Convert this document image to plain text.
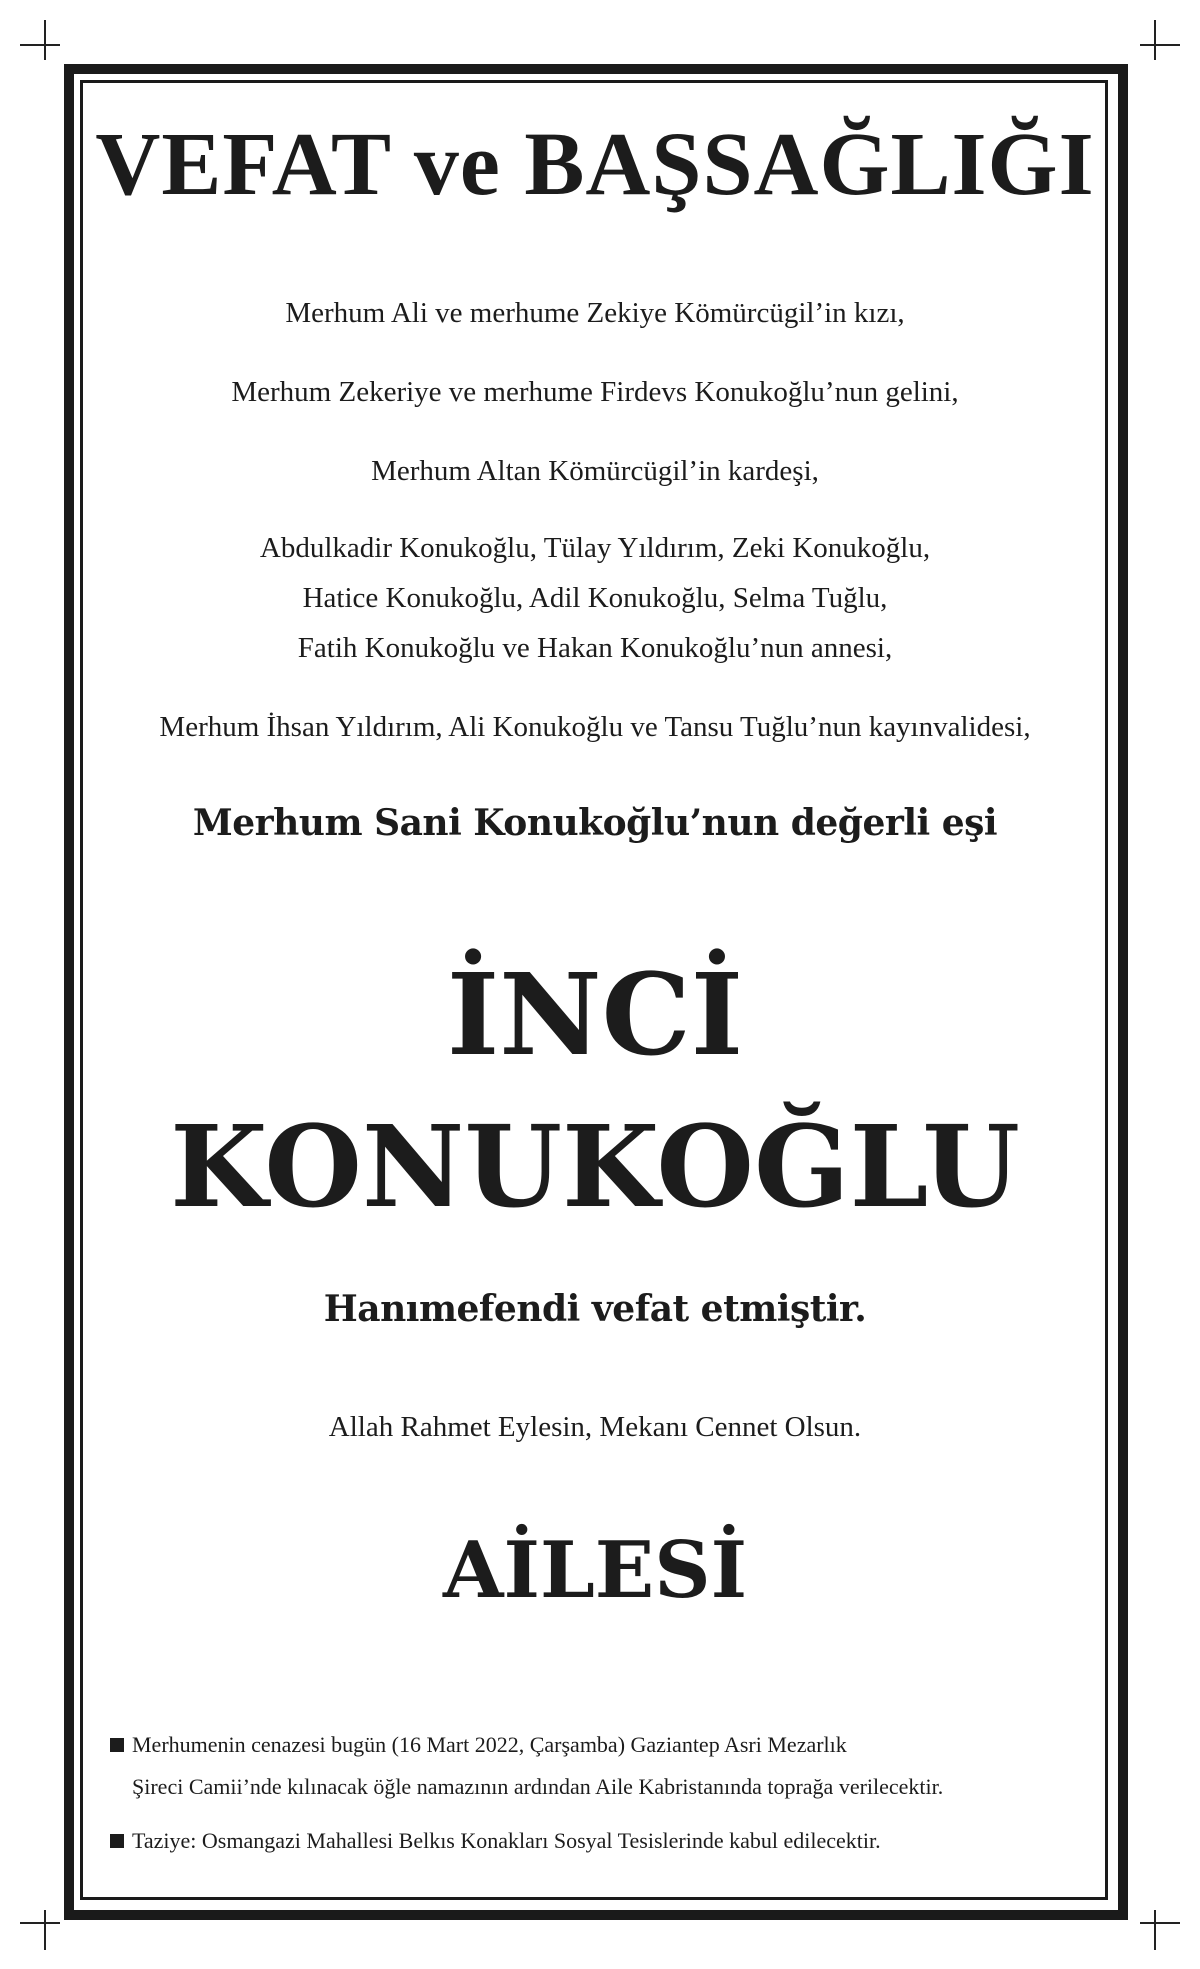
VEFAT ve BAŞSAĞLIĞI
Merhum Ali ve merhume Zekiye Kömürcügil’in kızı,
Merhum Zekeriye ve merhume Firdevs Konukoğlu’nun gelini,
Merhum Altan Kömürcügil’in kardeşi,
Abdulkadir Konukoğlu, Tülay Yıldırım, Zeki Konukoğlu,
Hatice Konukoğlu, Adil Konukoğlu, Selma Tuğlu,
Fatih Konukoğlu ve Hakan Konukoğlu’nun annesi,
Merhum İhsan Yıldırım, Ali Konukoğlu ve Tansu Tuğlu’nun kayınvalidesi,
Merhum Sani Konukoğlu’nun değerli eşi
İNCİ
KONUKOĞLU
Hanımefendi vefat etmiştir.
Allah Rahmet Eylesin, Mekanı Cennet Olsun.
AİLESİ
Merhumenin cenazesi bugün (16 Mart 2022, Çarşamba) Gaziantep Asri Mezarlık
Şireci Camii’nde kılınacak öğle namazının ardından Aile Kabristanında toprağa verilecektir.
Taziye: Osmangazi Mahallesi Belkıs Konakları Sosyal Tesislerinde kabul edilecektir.
